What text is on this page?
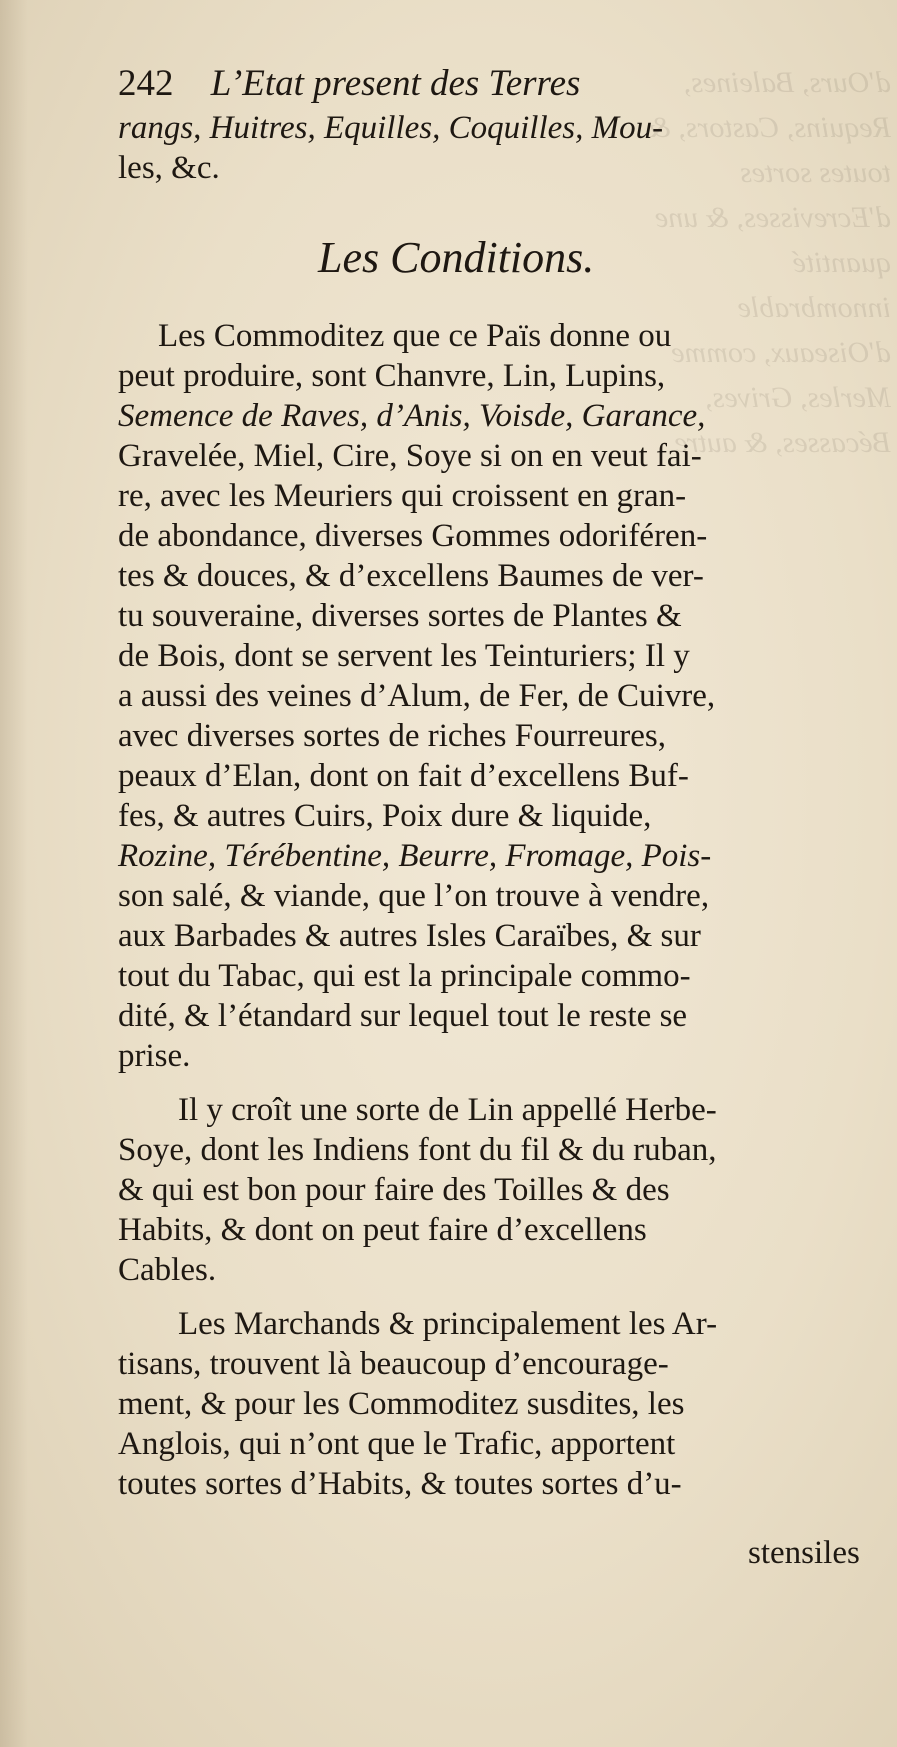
d'Ours, Baleines, Requins, Castors, & toutes sortes d'Ecrevisses, & une quantité innombrable d'Oiseaux, comme Merles, Grives, Bécasses, & autre
242 L’Etat present des Terres
rangs, Huitres, Equilles, Coquilles, Mou-
les, &c.
Les Conditions.
Les Commoditez que ce Païs donne ou
peut produire, sont Chanvre, Lin, Lupins,
Semence de Raves, d’Anis, Voisde, Garance,
Gravelée, Miel, Cire, Soye si on en veut fai-
re, avec les Meuriers qui croissent en gran-
de abondance, diverses Gommes odoriféren-
tes & douces, & d’excellens Baumes de ver-
tu souveraine, diverses sortes de Plantes &
de Bois, dont se servent les Teinturiers; Il y
a aussi des veines d’Alum, de Fer, de Cuivre,
avec diverses sortes de riches Fourreures,
peaux d’Elan, dont on fait d’excellens Buf-
fes, & autres Cuirs, Poix dure & liquide,
Rozine, Térébentine, Beurre, Fromage, Pois-
son salé, & viande, que l’on trouve à vendre,
aux Barbades & autres Isles Caraïbes, & sur
tout du Tabac, qui est la principale commo-
dité, & l’étandard sur lequel tout le reste se
prise.
Il y croît une sorte de Lin appellé Herbe-
Soye, dont les Indiens font du fil & du ruban,
& qui est bon pour faire des Toilles & des
Habits, & dont on peut faire d’excellens
Cables.
Les Marchands & principalement les Ar-
tisans, trouvent là beaucoup d’encourage-
ment, & pour les Commoditez susdites, les
Anglois, qui n’ont que le Trafic, apportent
toutes sortes d’Habits, & toutes sortes d’u-
stensiles
